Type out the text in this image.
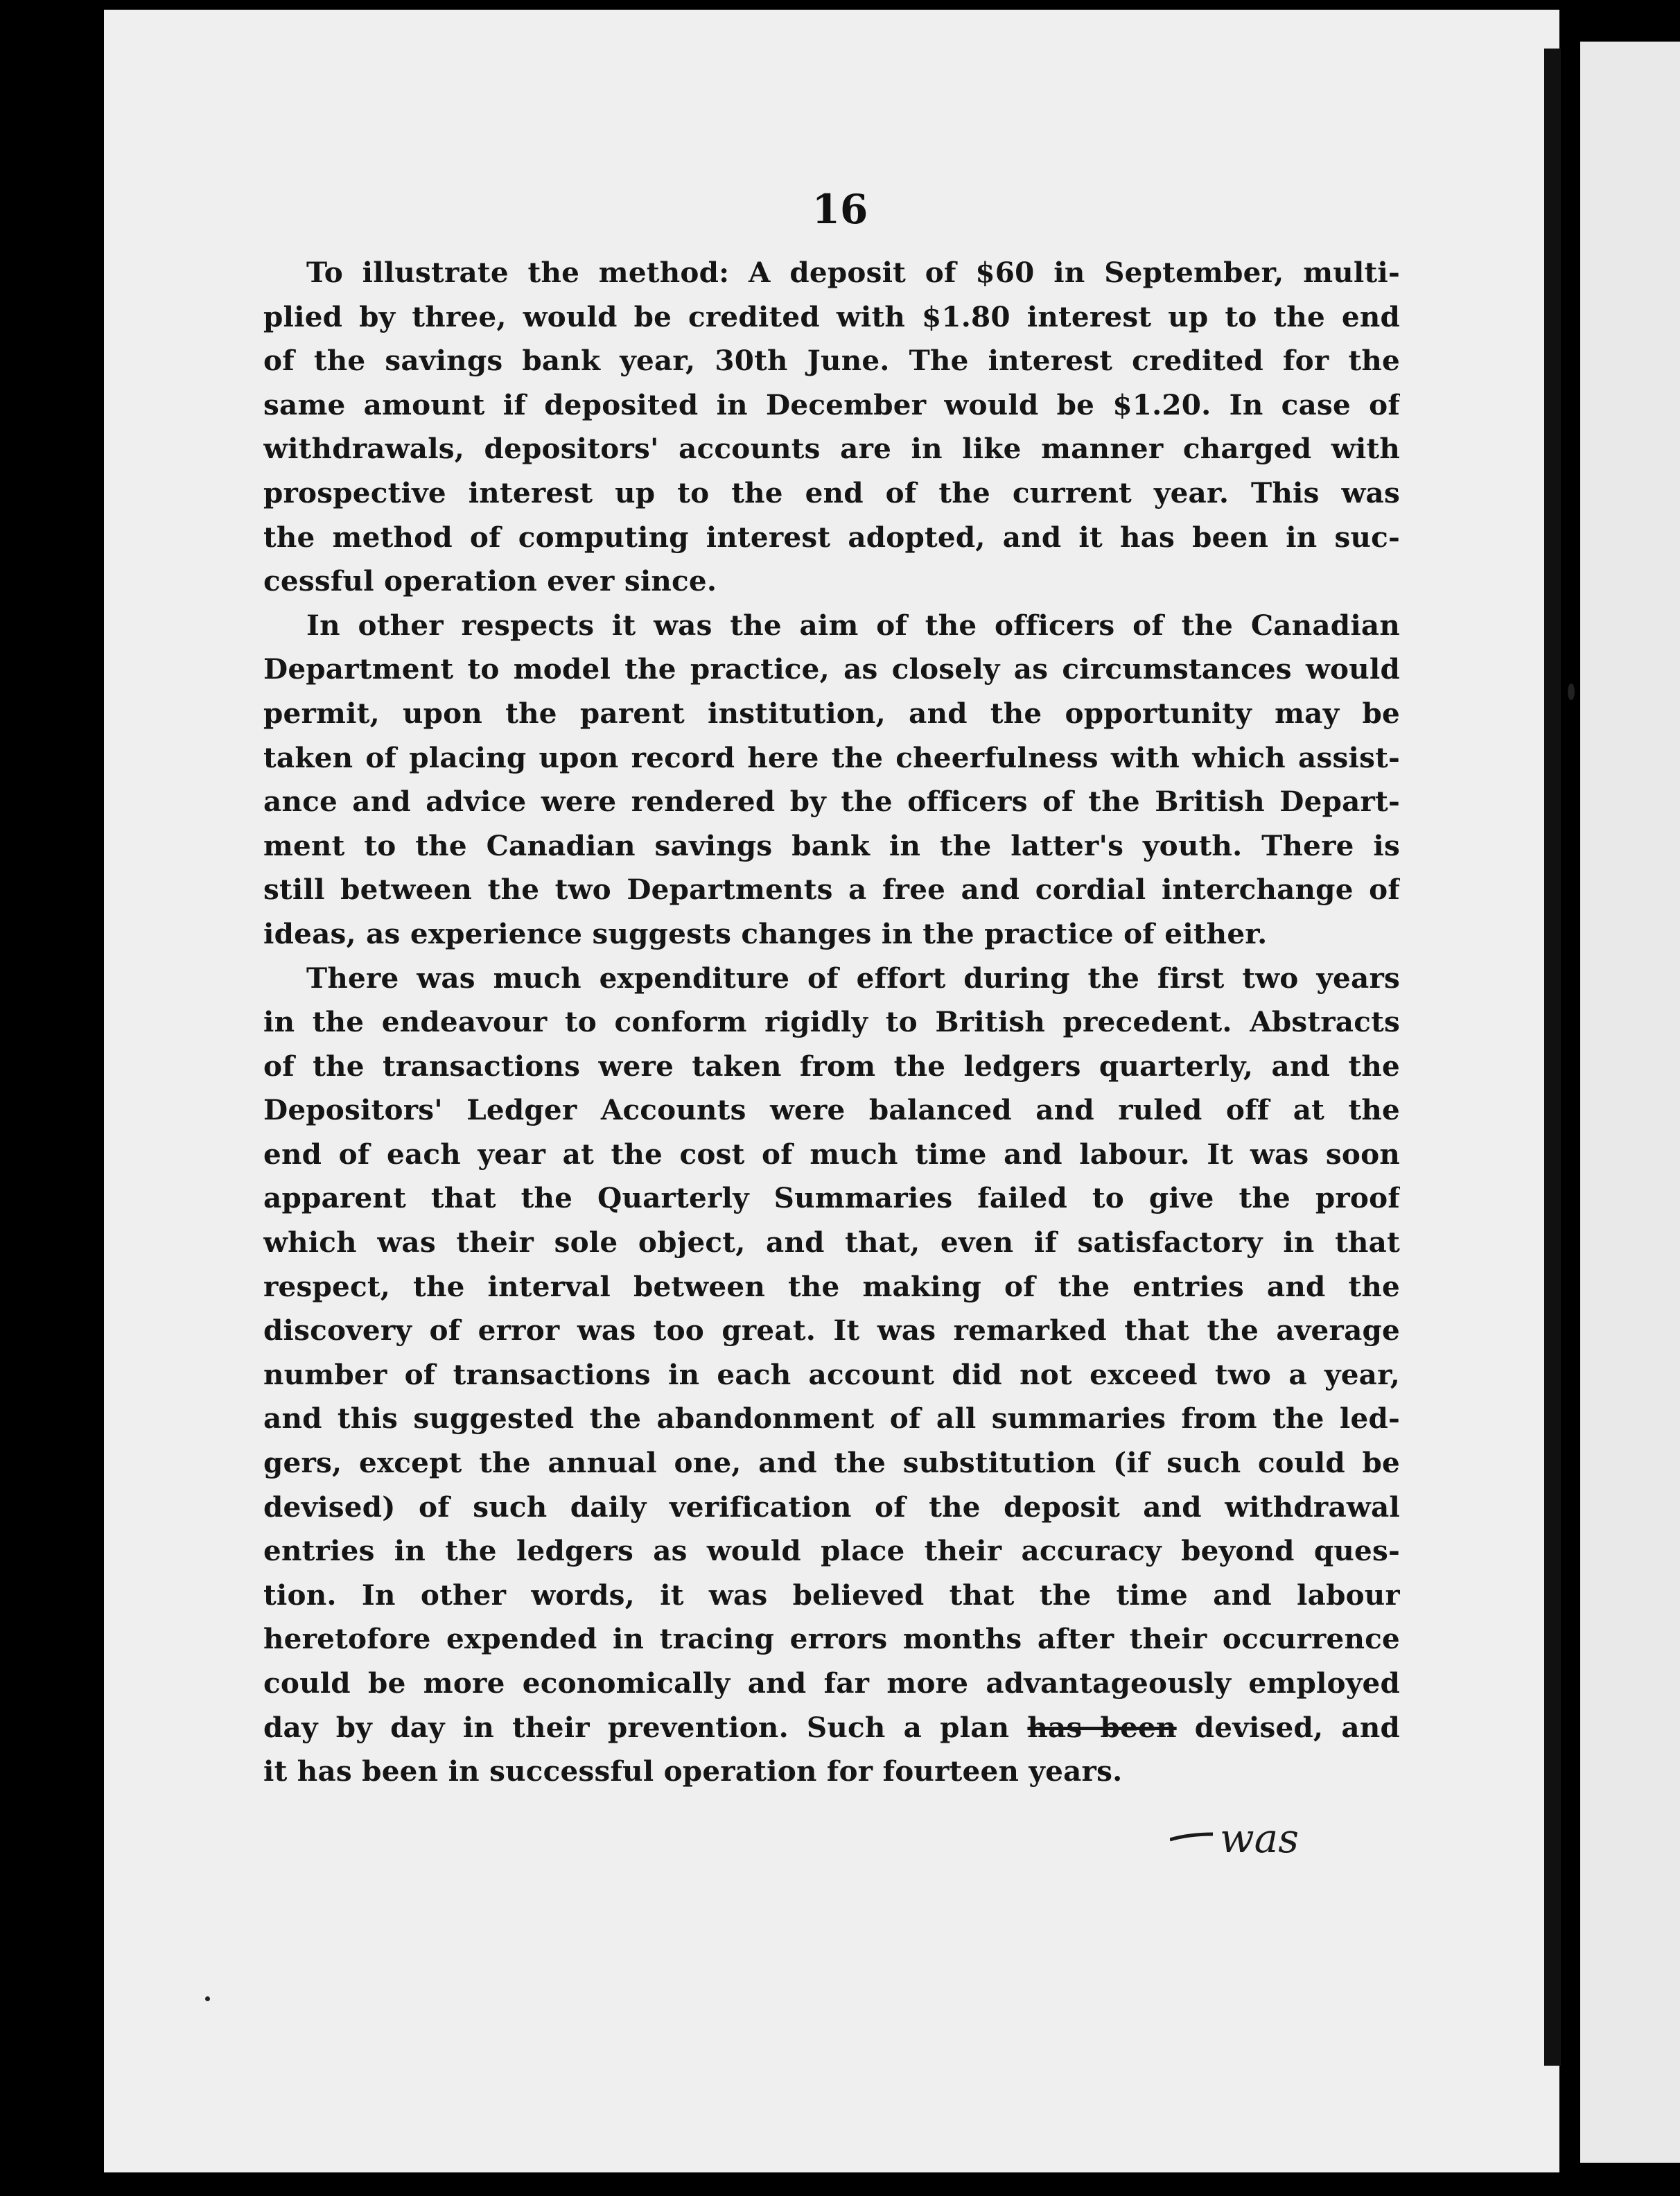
16
To illustrate the method: A deposit of $60 in September, multi-
plied by three, would be credited with $1.80 interest up to the end
of the savings bank year, 30th June. The interest credited for the
same amount if deposited in December would be $1.20. In case of
withdrawals, depositors' accounts are in like manner charged with
prospective interest up to the end of the current year. This was
the method of computing interest adopted, and it has been in suc-
cessful operation ever since.
In other respects it was the aim of the officers of the Canadian
Department to model the practice, as closely as circumstances would
permit, upon the parent institution, and the opportunity may be
taken of placing upon record here the cheerfulness with which assist-
ance and advice were rendered by the officers of the British Depart-
ment to the Canadian savings bank in the latter's youth. There is
still between the two Departments a free and cordial interchange of
ideas, as experience suggests changes in the practice of either.
There was much expenditure of effort during the first two years
in the endeavour to conform rigidly to British precedent. Abstracts
of the transactions were taken from the ledgers quarterly, and the
Depositors' Ledger Accounts were balanced and ruled off at the
end of each year at the cost of much time and labour. It was soon
apparent that the Quarterly Summaries failed to give the proof
which was their sole object, and that, even if satisfactory in that
respect, the interval between the making of the entries and the
discovery of error was too great. It was remarked that the average
number of transactions in each account did not exceed two a year,
and this suggested the abandonment of all summaries from the led-
gers, except the annual one, and the substitution (if such could be
devised) of such daily verification of the deposit and withdrawal
entries in the ledgers as would place their accuracy beyond ques-
tion. In other words, it was believed that the time and labour
heretofore expended in tracing errors months after their occurrence
could be more economically and far more advantageously employed
day by day in their prevention. Such a plan has been devised, and
it has been in successful operation for fourteen years.
was
